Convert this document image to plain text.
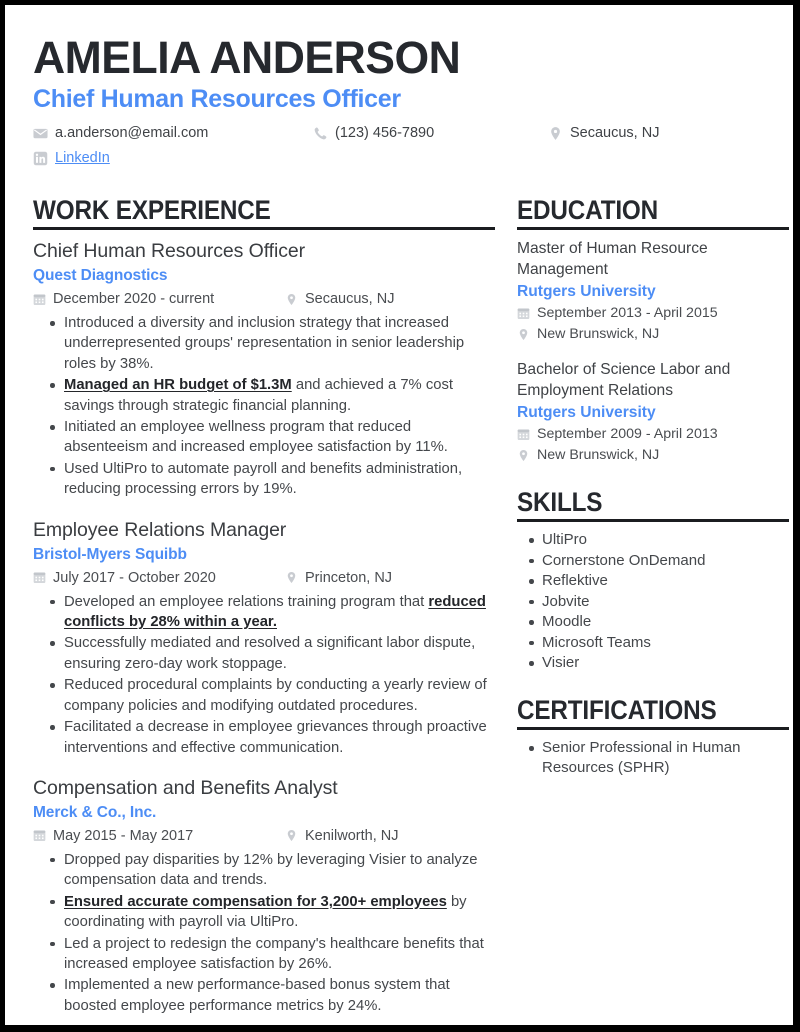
AMELIA ANDERSON
Chief Human Resources Officer
a.anderson@email.com	(123) 456-7890	Secaucus, NJ
LinkedIn
WORK EXPERIENCE
Chief Human Resources Officer
Quest Diagnostics
December 2020 - current	Secaucus, NJ
Introduced a diversity and inclusion strategy that increased underrepresented groups' representation in senior leadership roles by 38%.
Managed an HR budget of $1.3M and achieved a 7% cost savings through strategic financial planning.
Initiated an employee wellness program that reduced absenteeism and increased employee satisfaction by 11%.
Used UltiPro to automate payroll and benefits administration, reducing processing errors by 19%.
Employee Relations Manager
Bristol-Myers Squibb
July 2017 - October 2020	Princeton, NJ
Developed an employee relations training program that reduced conflicts by 28% within a year.
Successfully mediated and resolved a significant labor dispute, ensuring zero-day work stoppage.
Reduced procedural complaints by conducting a yearly review of company policies and modifying outdated procedures.
Facilitated a decrease in employee grievances through proactive interventions and effective communication.
Compensation and Benefits Analyst
Merck & Co., Inc.
May 2015 - May 2017	Kenilworth, NJ
Dropped pay disparities by 12% by leveraging Visier to analyze compensation data and trends.
Ensured accurate compensation for 3,200+ employees by coordinating with payroll via UltiPro.
Led a project to redesign the company's healthcare benefits that increased employee satisfaction by 26%.
Implemented a new performance-based bonus system that boosted employee performance metrics by 24%.
EDUCATION
Master of Human Resource Management
Rutgers University
September 2013 - April 2015
New Brunswick, NJ
Bachelor of Science Labor and Employment Relations
Rutgers University
September 2009 - April 2013
New Brunswick, NJ
SKILLS
UltiPro
Cornerstone OnDemand
Reflektive
Jobvite
Moodle
Microsoft Teams
Visier
CERTIFICATIONS
Senior Professional in Human Resources (SPHR)
